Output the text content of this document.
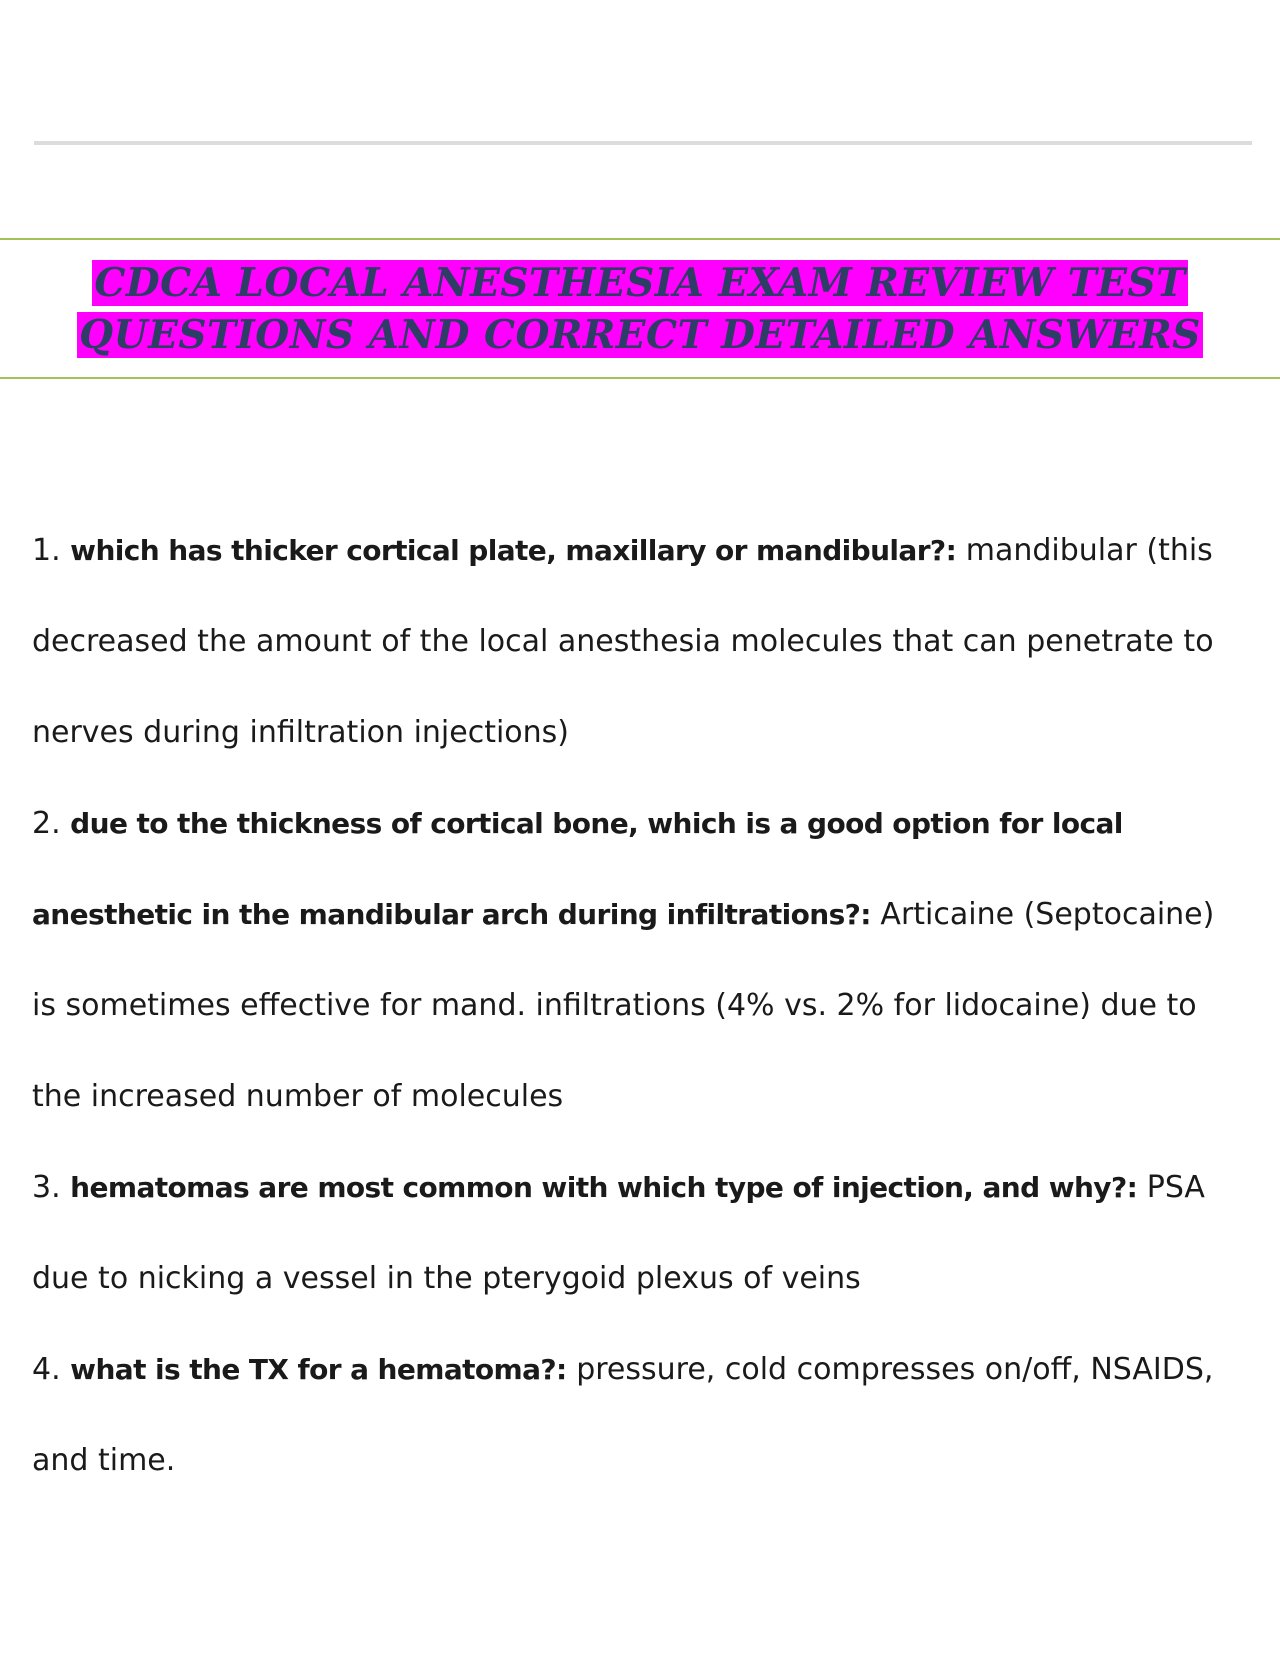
CDCA LOCAL ANESTHESIA EXAM REVIEW TEST
QUESTIONS AND CORRECT DETAILED ANSWERS

1. which has thicker cortical plate, maxillary or mandibular?: mandibular (this decreased the amount of the local anesthesia molecules that can penetrate to nerves during infiltration injections)

2. due to the thickness of cortical bone, which is a good option for local anesthetic in the mandibular arch during infiltrations?: Articaine (Septocaine) is sometimes effective for mand. infiltrations (4% vs. 2% for lidocaine) due to the increased number of molecules

3. hematomas are most common with which type of injection, and why?: PSA due to nicking a vessel in the pterygoid plexus of veins

4. what is the TX for a hematoma?: pressure, cold compresses on/off, NSAIDS, and time.
